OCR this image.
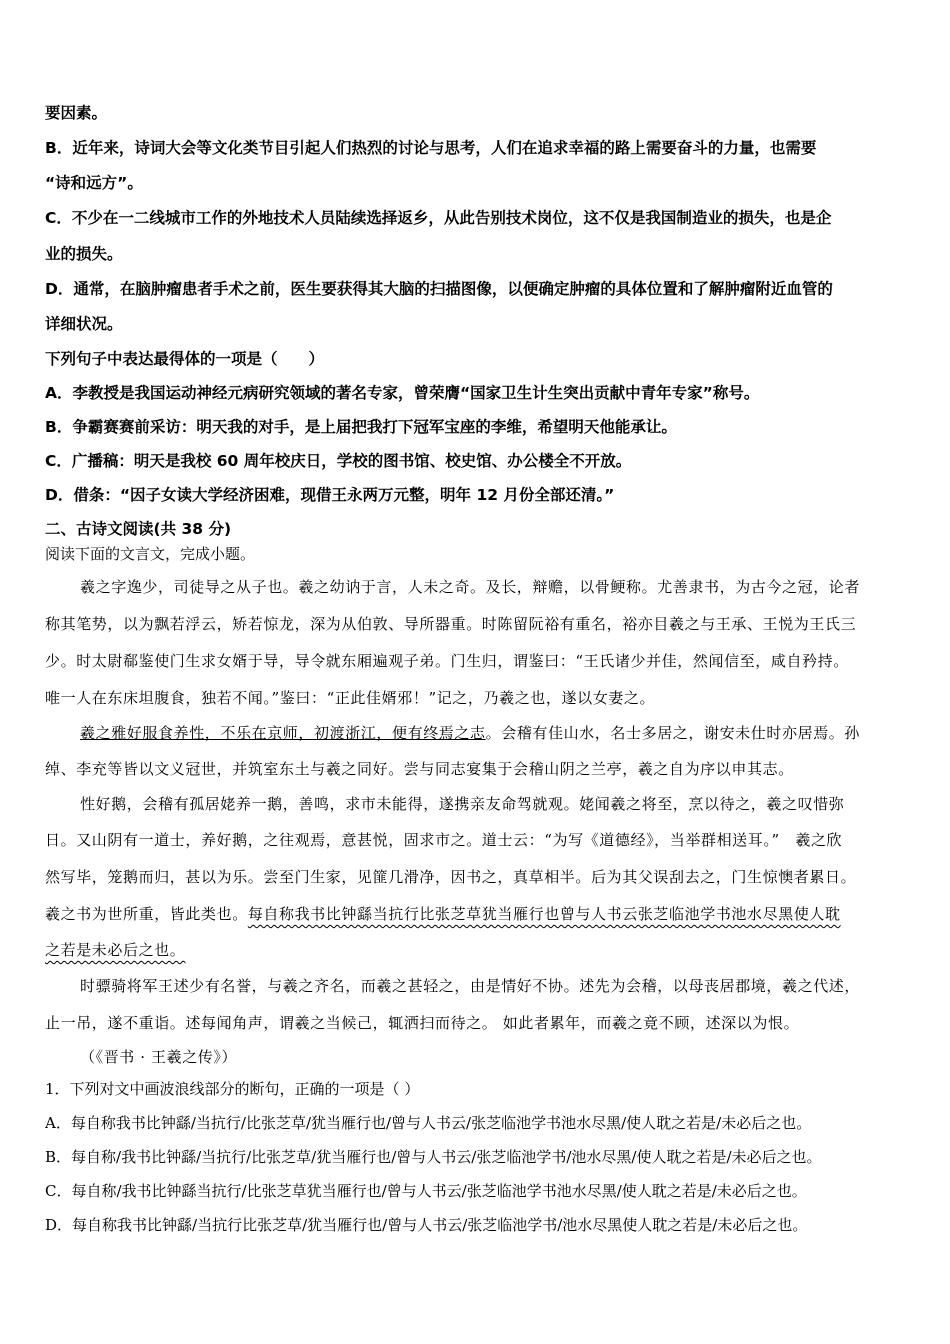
要因素。
B．近年来，诗词大会等文化类节目引起人们热烈的讨论与思考，人们在追求幸福的路上需要奋斗的力量，也需要
“诗和远方”。
C．不少在一二线城市工作的外地技术人员陆续选择返乡，从此告别技术岗位，这不仅是我国制造业的损失，也是企
业的损失。
D．通常，在脑肿瘤患者手术之前，医生要获得其大脑的扫描图像，以便确定肿瘤的具体位置和了解肿瘤附近血管的
详细状况。
下列句子中表达最得体的一项是（　　）
A．李教授是我国运动神经元病研究领域的著名专家，曾荣膺“国家卫生计生突出贡献中青年专家”称号。
B．争霸赛赛前采访：明天我的对手，是上届把我打下冠军宝座的李维，希望明天他能承让。
C．广播稿：明天是我校 60 周年校庆日，学校的图书馆、校史馆、办公楼全不开放。
D．借条：“因子女读大学经济困难，现借王永两万元整，明年 12 月份全部还清。”
二、古诗文阅读(共 38 分)
阅读下面的文言文，完成小题。
羲之字逸少，司徒导之从子也。羲之幼讷于言，人未之奇。及长，辩赡，以骨鲠称。尤善隶书，为古今之冠，论者
称其笔势，以为飘若浮云，矫若惊龙，深为从伯敦、导所器重。时陈留阮裕有重名，裕亦目羲之与王承、王悦为王氏三
少。时太尉郗鉴使门生求女婿于导，导令就东厢遍观子弟。门生归，谓鉴曰：“王氏诸少并佳，然闻信至，咸自矜持。
唯一人在东床坦腹食，独若不闻。”鉴曰：“正此佳婿邪！”记之，乃羲之也，遂以女妻之。
羲之雅好服食养性，不乐在京师，初渡浙江，便有终焉之志。会稽有佳山水，名士多居之，谢安未仕时亦居焉。孙
绰、李充等皆以文义冠世，并筑室东土与羲之同好。尝与同志宴集于会稽山阴之兰亭，羲之自为序以申其志。
性好鹅，会稽有孤居姥养一鹅，善鸣，求市未能得，遂携亲友命驾就观。姥闻羲之将至，烹以待之，羲之叹惜弥
日。又山阴有一道士，养好鹅，之往观焉，意甚悦，固求市之。道士云：“为写《道德经》，当举群相送耳。”　羲之欣
然写毕，笼鹅而归，甚以为乐。尝至门生家，见篚几滑净，因书之，真草相半。后为其父误刮去之，门生惊懊者累日。
羲之书为世所重，皆此类也。每自称我书比钟繇当抗行比张芝草犹当雁行也曾与人书云张芝临池学书池水尽黑使人耽
之若是未必后之也。
时骠骑将军王述少有名誉，与羲之齐名，而羲之甚轻之，由是情好不协。述先为会稽，以母丧居郡境，羲之代述，
止一吊，遂不重诣。述每闻角声，谓羲之当候己，辄洒扫而待之。 如此者累年，而羲之竟不顾，述深以为恨。
（《晋书 · 王羲之传》）
1．下列对文中画波浪线部分的断句，正确的一项是（ ）
A．每自称我书比钟繇/当抗行/比张芝草/犹当雁行也/曾与人书云/张芝临池学书池水尽黑/使人耽之若是/未必后之也。
B．每自称/我书比钟繇/当抗行/比张芝草/犹当雁行也/曾与人书云/张芝临池学书/池水尽黑/使人耽之若是/未必后之也。
C．每自称/我书比钟繇当抗行/比张芝草犹当雁行也/曾与人书云/张芝临池学书池水尽黑/使人耽之若是/未必后之也。
D．每自称我书比钟繇/当抗行比张芝草/犹当雁行也/曾与人书云/张芝临池学书/池水尽黑使人耽之若是/未必后之也。
